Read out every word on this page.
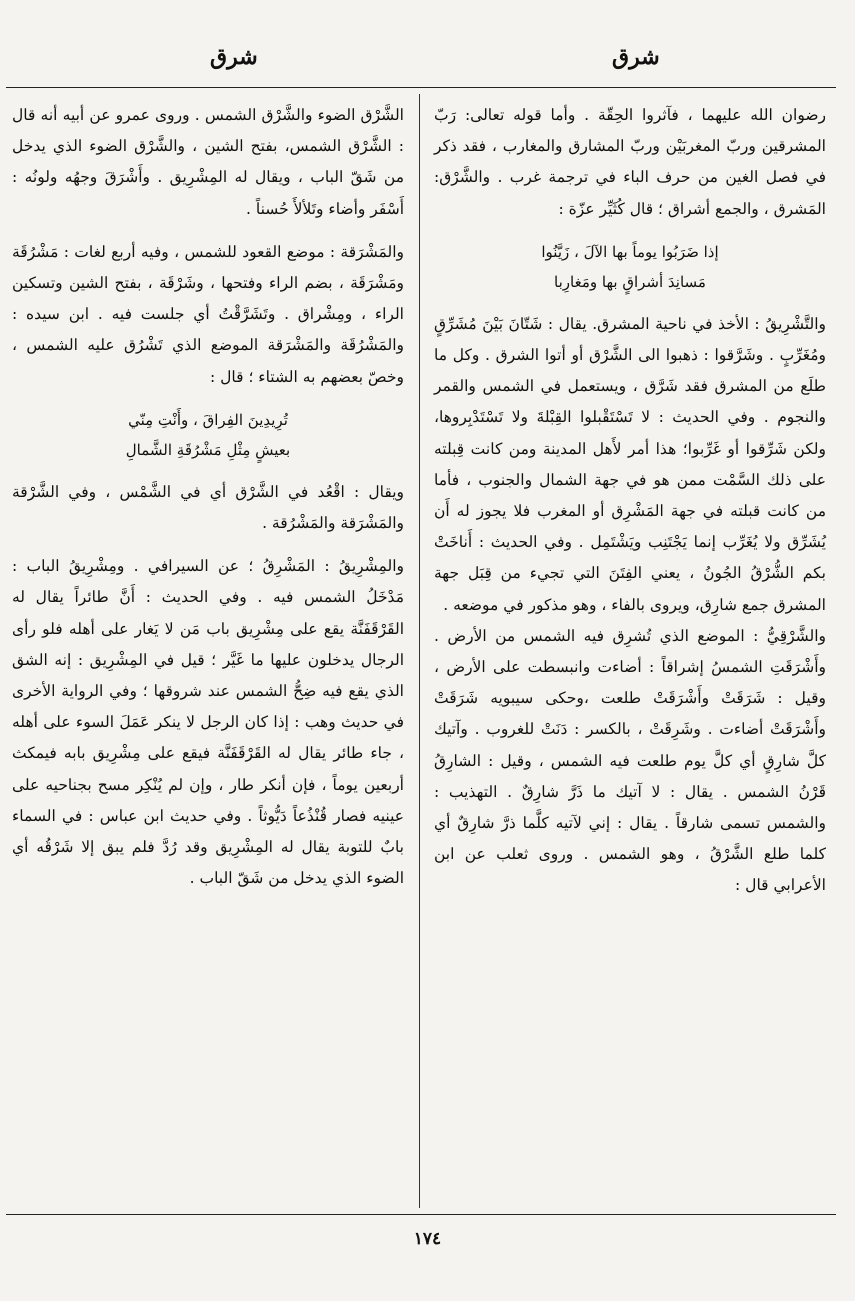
شرق
شرق

رضوان الله عليهما ، فآثروا الحِقّة . وأما قوله تعالى: رَبّ المشرقين وربّ المغربَيْن وربّ المشارق والمغارب ، فقد ذكر في فصل الغين من حرف الباء في ترجمة غرب . والشَّرْق: المَشرق ، والجمع أشراق ؛ قال كُثَيِّر عزّة :

إذا ضَرَبُوا يوماً بها الآلَ ، زَيَّنُوا
مَسانِدَ أشراقٍ بها ومَغارِبا

والتَّشْرِيقُ : الأخذ في ناحية المشرق. يقال : شَتّانَ بَيْنَ مُشَرِّقٍ ومُغَرِّبٍ . وشَرَّقوا : ذهبوا الى الشَّرْق أو أتوا الشرق . وكل ما طلَع من المشرق فقد شَرَّق ، ويستعمل في الشمس والقمر والنجوم . وفي الحديث : لا تَسْتَقْبلوا القِبْلةَ ولا تَسْتَدْبِروها، ولكن شَرِّقوا أو غَرِّبوا؛ هذا أمر لأَهل المدينة ومن كانت قِبلته على ذلك السَّمْت ممن هو في جهة الشمال والجنوب ، فأما من كانت قبلته في جهة المَشْرِق أو المغرب فلا يجوز له أَن يُشَرِّق ولا يُغَرِّب إنما يَجْتَنِب ويَشْتَمِل . وفي الحديث : أَناخَتْ بكم الشُّرْقُ الجُونُ ، يعني الفِتَنَ التي تجيء من قِبَل جهة المشرق جمع شارِق، ويروى بالفاء ، وهو مذكور في موضعه .

والشَّرْقِيُّ : الموضع الذي تُشرِق فيه الشمس من الأرض . وأَشْرَقَتِ الشمسُ إشراقاً : أضاءت وانبسطت على الأرض ، وقيل : شَرَقَتْ وأَشْرَقَتْ طلعت ،وحكى سيبويه شَرَقَتْ وأَشْرَقَتْ أضاءت . وشَرِقَتْ ، بالكسر : دَنَتْ للغروب . وآتيك كلَّ شارِقٍ أي كلَّ يوم طلعت فيه الشمس ، وقيل : الشارِقُ قَرْنُ الشمس . يقال : لا آتيك ما ذَرَّ شارِقٌ . التهذيب : والشمس تسمى شارقاً . يقال : إني لآتيه كلَّما ذرَّ شارِقٌ أي كلما طلع الشَّرْقُ ، وهو الشمس . وروى ثعلب عن ابن الأعرابي قال :

الشَّرْق الضوء والشَّرْق الشمس . وروى عمرو عن أبيه أنه قال : الشَّرْق الشمس، بفتح الشين ، والشَّرْق الضوء الذي يدخل من شَقّ الباب ، ويقال له المِشْرِيق . وأَشْرَقَ وجهُه ولونُه : أَسْفَر وأضاء وتَلألأَ حُسناً .

والمَشْرَقة : موضع القعود للشمس ، وفيه أربع لغات : مَشْرُقَة ومَشْرَقَة ، بضم الراء وفتحها ، وشَرْقَة ، بفتح الشين وتسكين الراء ، ومِشْراق . وتَشَرَّقْتُ أي جلست فيه . ابن سيده : والمَشْرُقَة والمَشْرَقة الموضع الذي تَشْرُق عليه الشمس ، وخصّ بعضهم به الشتاء ؛ قال :

تُرِيدِينَ الفِراقَ ، وأَنْتِ مِنّي
بعيشٍ مِثْلِ مَشْرُقَةِ الشَّمالِ

ويقال : اقْعُد في الشَّرْق أي في الشَّمْس ، وفي الشَّرْقة والمَشْرَقة والمَشْرُقة .

والمِشْرِيقُ : المَشْرِقُ ؛ عن السيرافي . ومِشْرِيقُ الباب : مَدْخَلُ الشمس فيه . وفي الحديث : أَنَّ طائراً يقال له القَرْقَفَنَّة يقع على مِشْرِيق باب مَن لا يَغار على أهله فلو رأى الرجال يدخلون عليها ما غَيَّر ؛ قيل في المِشْرِيق : إنه الشق الذي يقع فيه ضِحُّ الشمس عند شروقها ؛ وفي الرواية الأخرى في حديث وهب : إذا كان الرجل لا ينكر عَمَلَ السوء على أهله ، جاء طائر يقال له القَرْقَفَنَّة فيقع على مِشْرِيق بابه فيمكث أربعين يوماً ، فإن أنكر طار ، وإن لم يُنْكِر مسح بجناحيه على عينيه فصار قُنْذُعاً دَيُّوثاً . وفي حديث ابن عباس : في السماء بابٌ للتوبة يقال له المِشْرِيق وقد رُدَّ فلم يبق إلا شَرْقُه أي الضوء الذي يدخل من شَقّ الباب .

١٧٤
